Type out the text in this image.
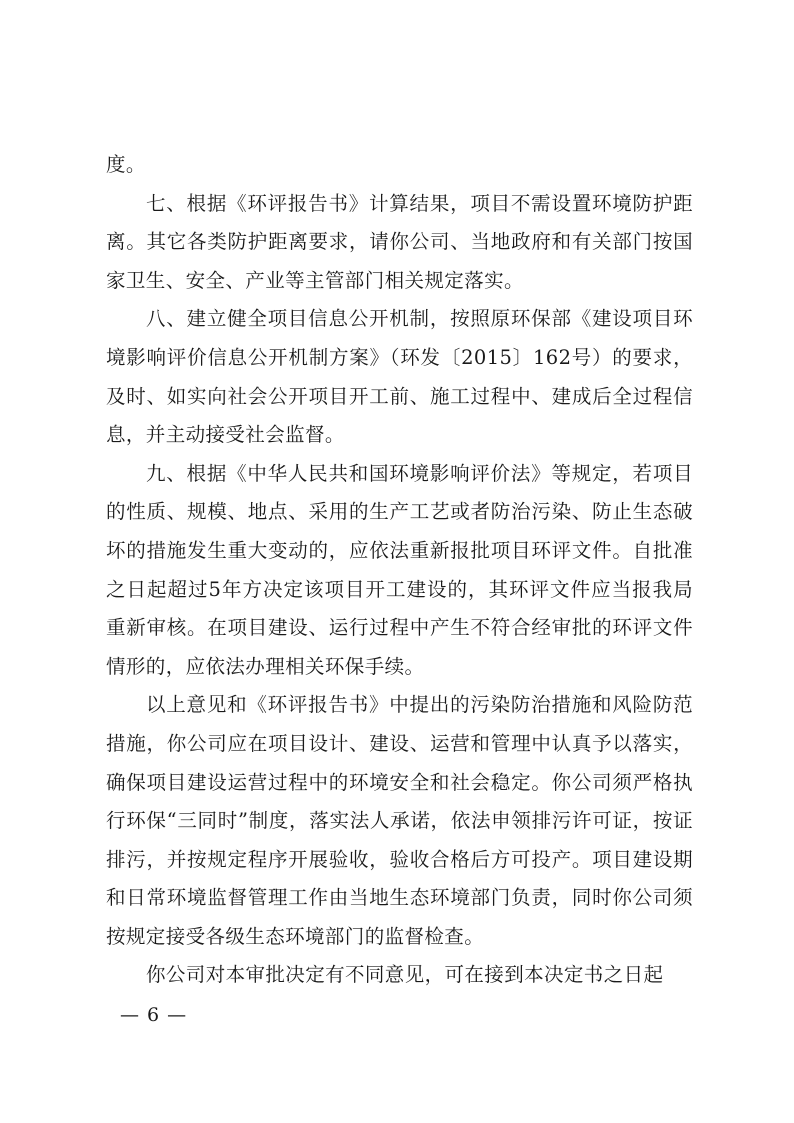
度。

七、根据《环评报告书》计算结果，项目不需设置环境防护距离。其它各类防护距离要求，请你公司、当地政府和有关部门按国家卫生、安全、产业等主管部门相关规定落实。

八、建立健全项目信息公开机制，按照原环保部《建设项目环境影响评价信息公开机制方案》（环发〔2015〕162号）的要求，及时、如实向社会公开项目开工前、施工过程中、建成后全过程信息，并主动接受社会监督。

九、根据《中华人民共和国环境影响评价法》等规定，若项目的性质、规模、地点、采用的生产工艺或者防治污染、防止生态破坏的措施发生重大变动的，应依法重新报批项目环评文件。自批准之日起超过5年方决定该项目开工建设的，其环评文件应当报我局重新审核。在项目建设、运行过程中产生不符合经审批的环评文件情形的，应依法办理相关环保手续。

以上意见和《环评报告书》中提出的污染防治措施和风险防范措施，你公司应在项目设计、建设、运营和管理中认真予以落实，确保项目建设运营过程中的环境安全和社会稳定。你公司须严格执行环保“三同时”制度，落实法人承诺，依法申领排污许可证，按证排污，并按规定程序开展验收，验收合格后方可投产。项目建设期和日常环境监督管理工作由当地生态环境部门负责，同时你公司须按规定接受各级生态环境部门的监督检查。

你公司对本审批决定有不同意见，可在接到本决定书之日起

— 6 —
